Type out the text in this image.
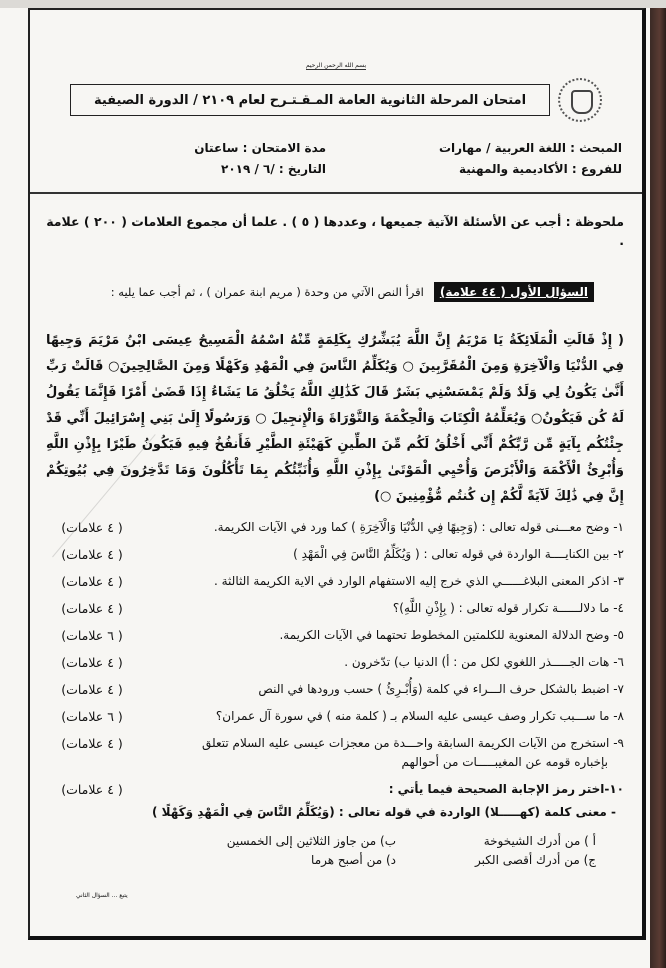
بسم الله الرحمن الرحيم
امتحان المرحلة الثانوية العامة المـقـتـرح لعام ٢١٠٩ / الدورة الصيفية
المبحث : اللغة العربية / مهارات
للفروع : الأكاديمية والمهنية
مدة الامتحان : ساعتان
التاريخ : /٦ / ٢٠١٩
ملحوظة : أجب عن الأسئلة الآتية جميعها ، وعددها ( ٥ ) . علما أن مجموع العلامات ( ٢٠٠ ) علامة .
السؤال الأول ( ٤٤ علامة)
اقرأ النص الآتي من وحدة ( مريم ابنة عمران ) ، ثم أجب عما يليه :
( إِذْ قَالَتِ الْمَلَائِكَةُ يَا مَرْيَمُ إِنَّ اللَّهَ يُبَشِّرُكِ بِكَلِمَةٍ مِّنْهُ اسْمُهُ الْمَسِيحُ عِيسَى ابْنُ مَرْيَمَ وَجِيهًا فِي الدُّنْيَا وَالْآخِرَةِ وَمِنَ الْمُقَرَّبِينَ ○ وَيُكَلِّمُ النَّاسَ فِي الْمَهْدِ وَكَهْلًا وَمِنَ الصَّالِحِينَ○ قَالَتْ رَبِّ أَنَّىٰ يَكُونُ لِي وَلَدٌ وَلَمْ يَمْسَسْنِي بَشَرٌ قَالَ كَذَٰلِكِ اللَّهُ يَخْلُقُ مَا يَشَاءُ إِذَا قَضَىٰ أَمْرًا فَإِنَّمَا يَقُولُ لَهُ كُن فَيَكُونُ○ وَيُعَلِّمُهُ الْكِتَابَ وَالْحِكْمَةَ وَالتَّوْرَاةَ وَالْإِنجِيلَ ○ وَرَسُولًا إِلَىٰ بَنِي إِسْرَائِيلَ أَنِّي قَدْ جِئْتُكُم بِآيَةٍ مِّن رَّبِّكُمْ أَنِّي أَخْلُقُ لَكُم مِّنَ الطِّينِ كَهَيْئَةِ الطَّيْرِ فَأَنفُخُ فِيهِ فَيَكُونُ طَيْرًا بِإِذْنِ اللَّهِ وَأُبْرِئُ الْأَكْمَهَ وَالْأَبْرَصَ وَأُحْيِي الْمَوْتَىٰ بِإِذْنِ اللَّهِ وَأُنَبِّئُكُم بِمَا تَأْكُلُونَ وَمَا تَدَّخِرُونَ فِي بُيُوتِكُمْ إِنَّ فِي ذَٰلِكَ لَآيَةً لَّكُمْ إِن كُنتُم مُّؤْمِنِينَ ○)
١- وضح معـــنى قوله تعالى : (وَجِيهًا فِي الدُّنْيَا وَالْآخِرَةِ ) كما ورد في الآيات الكريمة.
( ٤ علامات)
٢- بين الكنايــــة الواردة في قوله تعالى : ( وَيُكَلِّمُ النَّاسَ فِي الْمَهْدِ )
( ٤ علامات)
٣- اذكر المعنى البلاغــــــي الذي خرج إليه الاستفهام الوارد في الاية الكريمة الثالثة .
( ٤ علامات)
٤- ما دلالــــــة تكرار قوله تعالى : ( بِإِذْنِ اللَّهِ)؟
( ٤ علامات)
٥- وضح الدلالة المعنوية للكلمتين المخطوط تحتهما في الآيات الكريمة.
( ٦ علامات)
٦- هات الجـــــذر اللغوي لكل من : أ) الدنيا ب) تدّخرون .
( ٤ علامات)
٧- اضبط بالشكل حرف الـــراء في كلمة (وَأُبْـرِئُ ) حسب ورودها في النص
( ٤ علامات)
٨- ما ســـبب تكرار وصف عيسى عليه السلام بـ ( كلمة منه ) في سورة آل عمران؟
( ٦ علامات)
٩- استخرج من الآيات الكريمة السابقة واحـــدة من معجزات عيسى عليه السلام تتعلق
بإخباره قومه عن المغيبـــــات من أحوالهم
( ٤ علامات)
١٠-اختر رمز الإجابة الصحيحة فيما يأتي :
( ٤ علامات)
- معنى كلمة (كهـــــلا) الواردة في قوله تعالى : (وَيُكَلِّمُ النَّاسَ فِي الْمَهْدِ وَكَهْلًا )
أ ) من أدرك الشيخوخة
ب) من جاوز الثلاثين إلى الخمسين
ج) من أدرك أقصى الكبر
د) من أصبح هرما
يتبع ... السؤال الثاني
